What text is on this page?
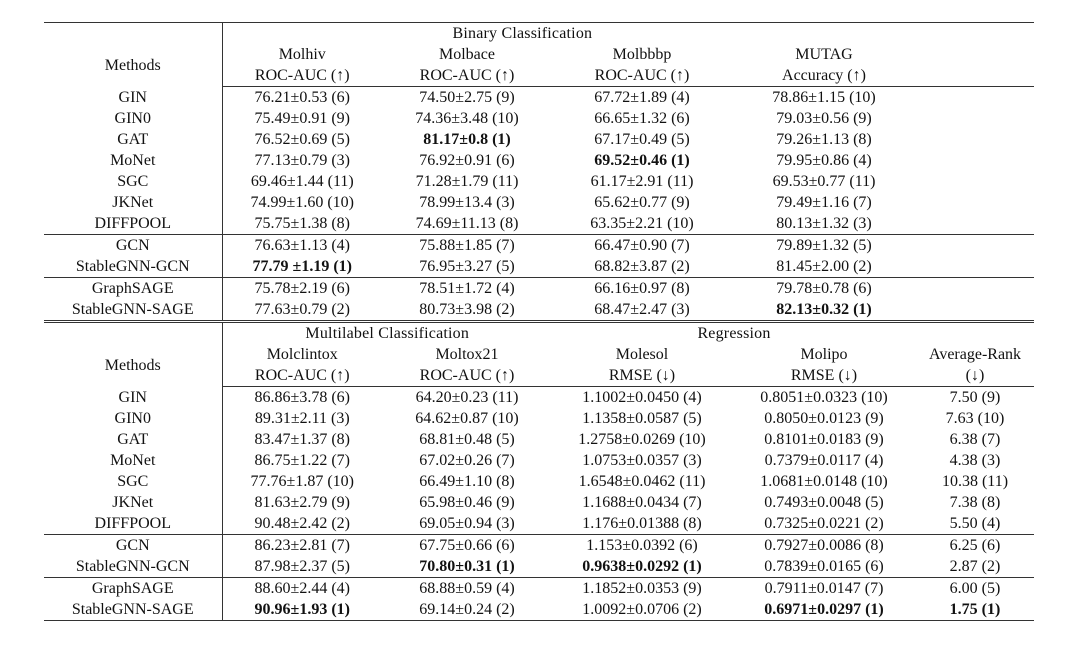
	Binary Classification				
Methods	Molhiv	Molbace	Molbbbp	MUTAG	
	ROC-AUC (↑)	ROC-AUC (↑)	ROC-AUC (↑)	Accuracy (↑)	
GIN	76.21±0.53 (6)	74.50±2.75 (9)	67.72±1.89 (4)	78.86±1.15 (10)	
GIN0	75.49±0.91 (9)	74.36±3.48 (10)	66.65±1.32 (6)	79.03±0.56 (9)	
GAT	76.52±0.69 (5)	81.17±0.8 (1)	67.17±0.49 (5)	79.26±1.13 (8)	
MoNet	77.13±0.79 (3)	76.92±0.91 (6)	69.52±0.46 (1)	79.95±0.86 (4)	
SGC	69.46±1.44 (11)	71.28±1.79 (11)	61.17±2.91 (11)	69.53±0.77 (11)	
JKNet	74.99±1.60 (10)	78.99±13.4 (3)	65.62±0.77 (9)	79.49±1.16 (7)	
DIFFPOOL	75.75±1.38 (8)	74.69±11.13 (8)	63.35±2.21 (10)	80.13±1.32 (3)	
GCN	76.63±1.13 (4)	75.88±1.85 (7)	66.47±0.90 (7)	79.89±1.32 (5)	
StableGNN-GCN	77.79 ±1.19 (1)	76.95±3.27 (5)	68.82±3.87 (2)	81.45±2.00 (2)	
GraphSAGE	75.78±2.19 (6)	78.51±1.72 (4)	66.16±0.97 (8)	79.78±0.78 (6)	
StableGNN-SAGE	77.63±0.79 (2)	80.73±3.98 (2)	68.47±2.47 (3)	82.13±0.32 (1)	
	Multilabel Classification		Regression		
Methods	Molclintox	Moltox21	Molesol	Molipo	Average-Rank
	ROC-AUC (↑)	ROC-AUC (↑)	RMSE (↓)	RMSE (↓)	(↓)
GIN	86.86±3.78 (6)	64.20±0.23 (11)	1.1002±0.0450 (4)	0.8051±0.0323 (10)	7.50 (9)
GIN0	89.31±2.11 (3)	64.62±0.87 (10)	1.1358±0.0587 (5)	0.8050±0.0123 (9)	7.63 (10)
GAT	83.47±1.37 (8)	68.81±0.48 (5)	1.2758±0.0269 (10)	0.8101±0.0183 (9)	6.38 (7)
MoNet	86.75±1.22 (7)	67.02±0.26 (7)	1.0753±0.0357 (3)	0.7379±0.0117 (4)	4.38 (3)
SGC	77.76±1.87 (10)	66.49±1.10 (8)	1.6548±0.0462 (11)	1.0681±0.0148 (10)	10.38 (11)
JKNet	81.63±2.79 (9)	65.98±0.46 (9)	1.1688±0.0434 (7)	0.7493±0.0048 (5)	7.38 (8)
DIFFPOOL	90.48±2.42 (2)	69.05±0.94 (3)	1.176±0.01388 (8)	0.7325±0.0221 (2)	5.50 (4)
GCN	86.23±2.81 (7)	67.75±0.66 (6)	1.153±0.0392 (6)	0.7927±0.0086 (8)	6.25 (6)
StableGNN-GCN	87.98±2.37 (5)	70.80±0.31 (1)	0.9638±0.0292 (1)	0.7839±0.0165 (6)	2.87 (2)
GraphSAGE	88.60±2.44 (4)	68.88±0.59 (4)	1.1852±0.0353 (9)	0.7911±0.0147 (7)	6.00 (5)
StableGNN-SAGE	90.96±1.93 (1)	69.14±0.24 (2)	1.0092±0.0706 (2)	0.6971±0.0297 (1)	1.75 (1)
